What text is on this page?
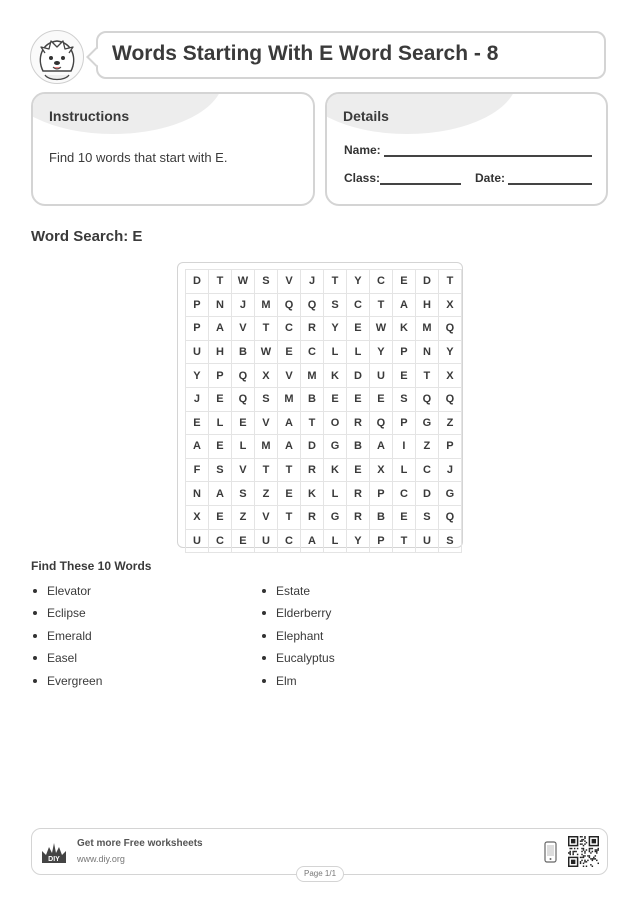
Words Starting With E Word Search - 8
Instructions
Find 10 words that start with E.
Details
Name:
Class:	Date:
Word Search: E
D	T	W	S	V	J	T	Y	C	E	D	T
P	N	J	M	Q	Q	S	C	T	A	H	X
P	A	V	T	C	R	Y	E	W	K	M	Q
U	H	B	W	E	C	L	L	Y	P	N	Y
Y	P	Q	X	V	M	K	D	U	E	T	X
J	E	Q	S	M	B	E	E	E	S	Q	Q
E	L	E	V	A	T	O	R	Q	P	G	Z
A	E	L	M	A	D	G	B	A	I	Z	P
F	S	V	T	T	R	K	E	X	L	C	J
N	A	S	Z	E	K	L	R	P	C	D	G
X	E	Z	V	T	R	G	R	B	E	S	Q
U	C	E	U	C	A	L	Y	P	T	U	S
Find These 10 Words
Elevator
Eclipse
Emerald
Easel
Evergreen
Estate
Elderberry
Elephant
Eucalyptus
Elm
DIY
Get more Free worksheets
www.diy.org
Page 1/1
